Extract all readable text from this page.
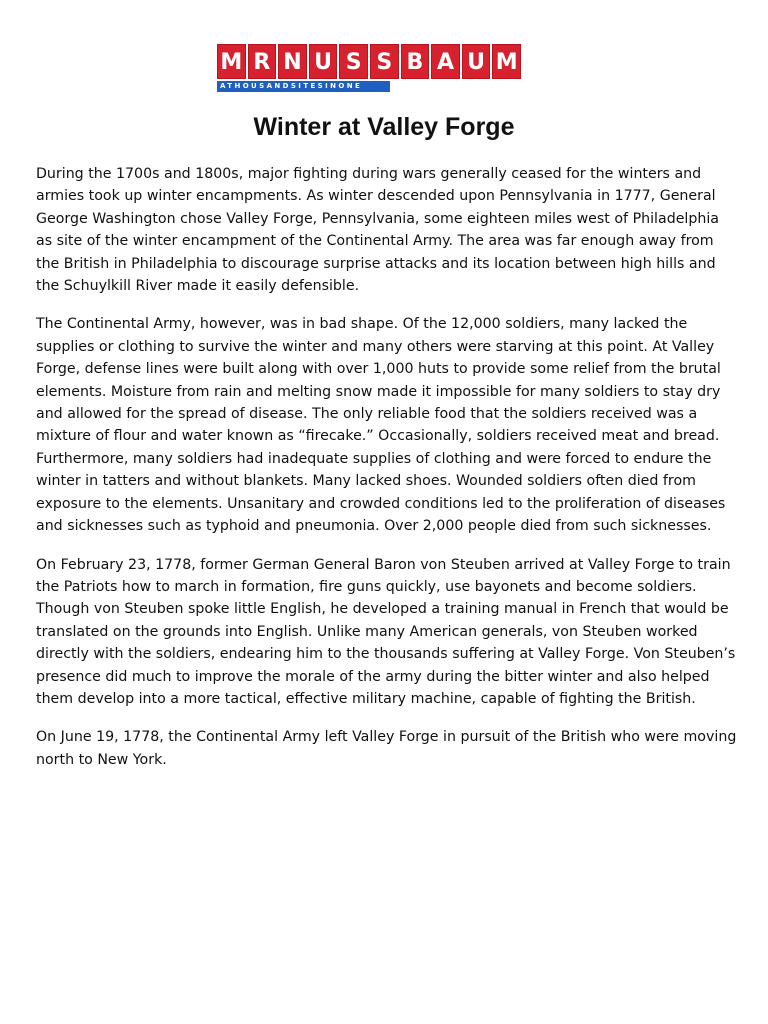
M R N U S S B A U M
ATHOUSANDSITESINONE
Winter at Valley Forge

During the 1700s and 1800s, major fighting during wars generally ceased for the winters and armies took up winter encampments. As winter descended upon Pennsylvania in 1777, General George Washington chose Valley Forge, Pennsylvania, some eighteen miles west of Philadelphia as site of the winter encampment of the Continental Army. The area was far enough away from the British in Philadelphia to discourage surprise attacks and its location between high hills and the Schuylkill River made it easily defensible.

The Continental Army, however, was in bad shape. Of the 12,000 soldiers, many lacked the supplies or clothing to survive the winter and many others were starving at this point. At Valley Forge, defense lines were built along with over 1,000 huts to provide some relief from the brutal elements. Moisture from rain and melting snow made it impossible for many soldiers to stay dry and allowed for the spread of disease. The only reliable food that the soldiers received was a mixture of flour and water known as “firecake.” Occasionally, soldiers received meat and bread. Furthermore, many soldiers had inadequate supplies of clothing and were forced to endure the winter in tatters and without blankets. Many lacked shoes. Wounded soldiers often died from exposure to the elements. Unsanitary and crowded conditions led to the proliferation of diseases and sicknesses such as typhoid and pneumonia. Over 2,000 people died from such sicknesses.

On February 23, 1778, former German General Baron von Steuben arrived at Valley Forge to train the Patriots how to march in formation, fire guns quickly, use bayonets and become soldiers. Though von Steuben spoke little English, he developed a training manual in French that would be translated on the grounds into English. Unlike many American generals, von Steuben worked directly with the soldiers, endearing him to the thousands suffering at Valley Forge. Von Steuben’s presence did much to improve the morale of the army during the bitter winter and also helped them develop into a more tactical, effective military machine, capable of fighting the British.

On June 19, 1778, the Continental Army left Valley Forge in pursuit of the British who were moving north to New York.
